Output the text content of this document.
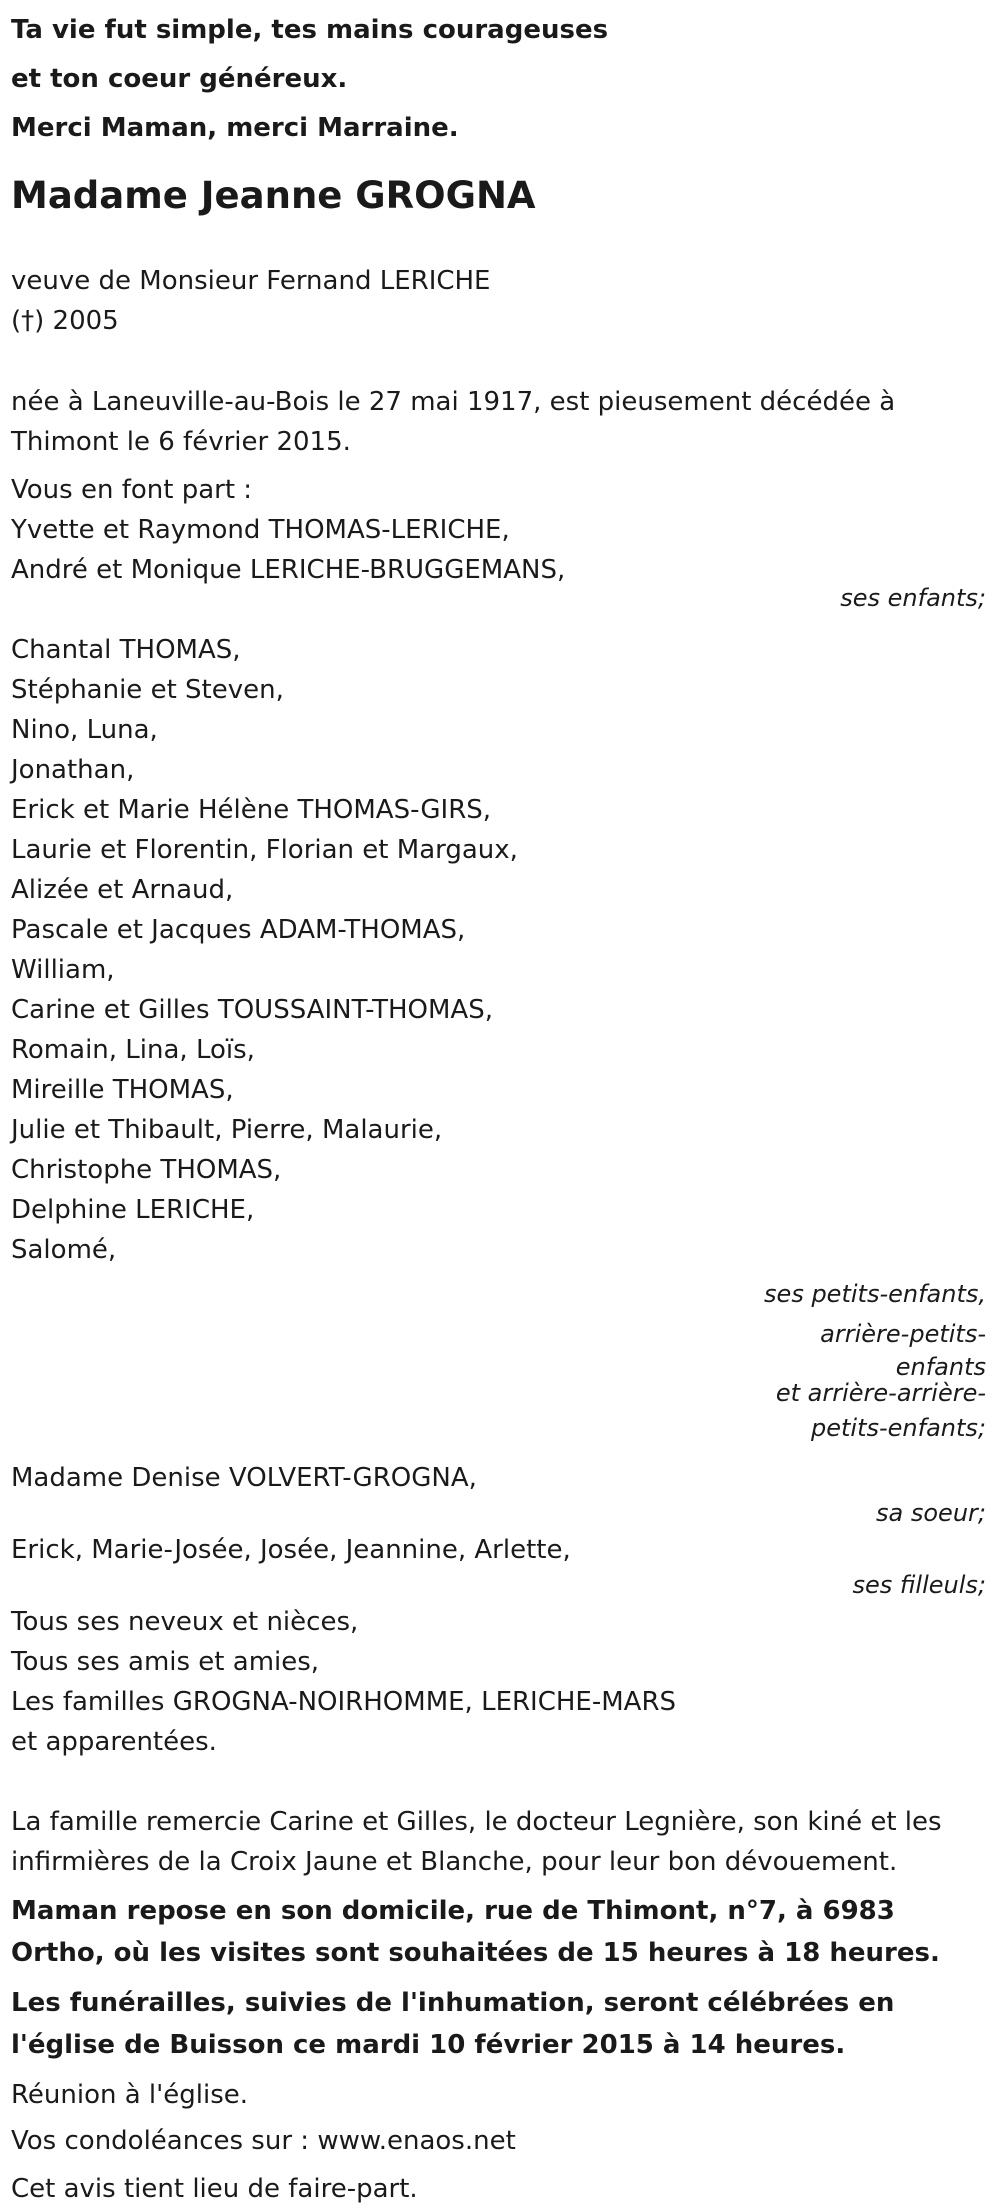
Ta vie fut simple, tes mains courageuses
et ton coeur généreux.
Merci Maman, merci Marraine.
Madame Jeanne GROGNA
veuve de Monsieur Fernand LERICHE
(†) 2005
née à Laneuville-au-Bois le 27 mai 1917, est pieusement décédée à Thimont le 6 février 2015.
Vous en font part :
Yvette et Raymond THOMAS-LERICHE,
André et Monique LERICHE-BRUGGEMANS,
ses enfants;
Chantal THOMAS,
Stéphanie et Steven,
Nino, Luna,
Jonathan,
Erick et Marie Hélène THOMAS-GIRS,
Laurie et Florentin, Florian et Margaux,
Alizée et Arnaud,
Pascale et Jacques ADAM-THOMAS,
William,
Carine et Gilles TOUSSAINT-THOMAS,
Romain, Lina, Loïs,
Mireille THOMAS,
Julie et Thibault, Pierre, Malaurie,
Christophe THOMAS,
Delphine LERICHE,
Salomé,
ses petits-enfants,
arrière-petits-
enfants
et arrière-arrière-
petits-enfants;
Madame Denise VOLVERT-GROGNA,
sa soeur;
Erick, Marie-Josée, Josée, Jeannine, Arlette,
ses filleuls;
Tous ses neveux et nièces,
Tous ses amis et amies,
Les familles GROGNA-NOIRHOMME, LERICHE-MARS
et apparentées.
La famille remercie Carine et Gilles, le docteur Legnière, son kiné et les infirmières de la Croix Jaune et Blanche, pour leur bon dévouement.
Maman repose en son domicile, rue de Thimont, n°7, à 6983 Ortho, où les visites sont souhaitées de 15 heures à 18 heures.
Les funérailles, suivies de l'inhumation, seront célébrées en l'église de Buisson ce mardi 10 février 2015 à 14 heures.
Réunion à l'église.
Vos condoléances sur : www.enaos.net
Cet avis tient lieu de faire-part.
